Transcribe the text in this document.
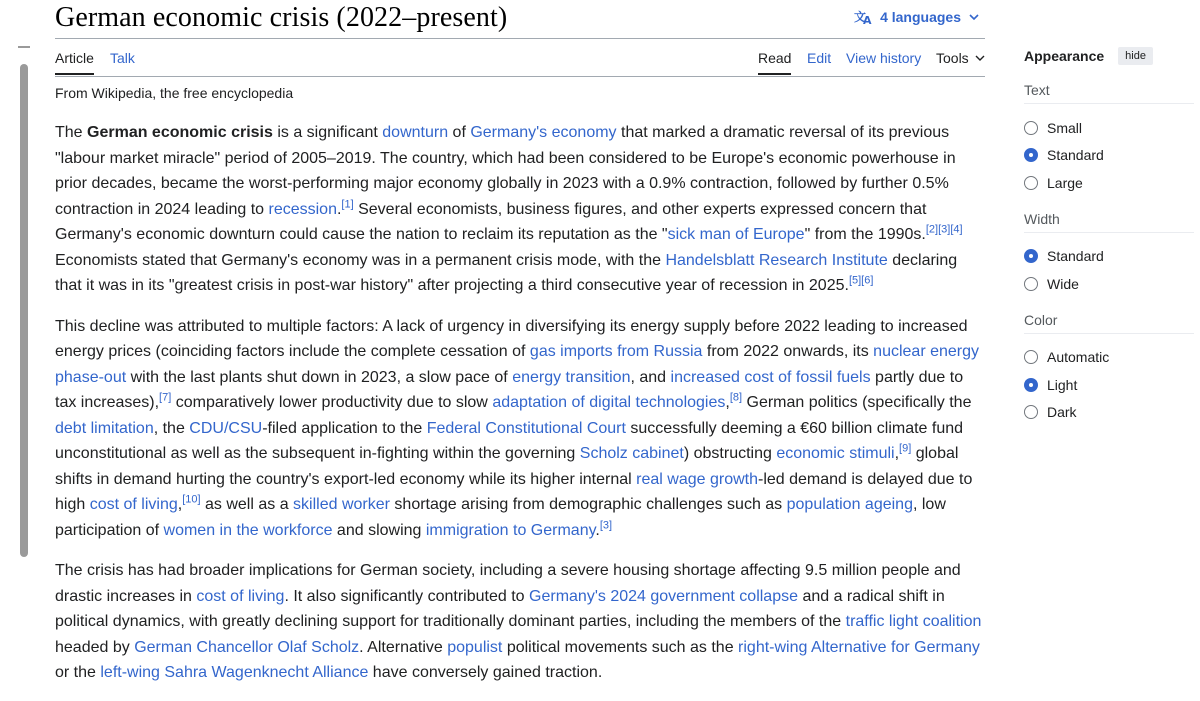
German economic crisis (2022–present)	文
A 4 languages
Article Talk	Read Edit View history Tools
From Wikipedia, the free encyclopedia

The German economic crisis is a significant downturn of Germany's economy that marked a dramatic reversal of its previous "labour market miracle" period of 2005–2019. The country, which had been considered to be Europe's economic powerhouse in prior decades, became the worst-performing major economy globally in 2023 with a 0.9% contraction, followed by further 0.5% contraction in 2024 leading to recession.[1] Several economists, business figures, and other experts expressed concern that Germany's economic downturn could cause the nation to reclaim its reputation as the "sick man of Europe" from the 1990s.[2][3][4] Economists stated that Germany's economy was in a permanent crisis mode, with the Handelsblatt Research Institute declaring that it was in its "greatest crisis in post-war history" after projecting a third consecutive year of recession in 2025.[5][6]

This decline was attributed to multiple factors: A lack of urgency in diversifying its energy supply before 2022 leading to increased energy prices (coinciding factors include the complete cessation of gas imports from Russia from 2022 onwards, its nuclear energy phase-out with the last plants shut down in 2023, a slow pace of energy transition, and increased cost of fossil fuels partly due to tax increases),[7] comparatively lower productivity due to slow adaptation of digital technologies,[8] German politics (specifically the debt limitation, the CDU/CSU-filed application to the Federal Constitutional Court successfully deeming a €60 billion climate fund unconstitutional as well as the subsequent in-fighting within the governing Scholz cabinet) obstructing economic stimuli,[9] global shifts in demand hurting the country's export-led economy while its higher internal real wage growth-led demand is delayed due to high cost of living,[10] as well as a skilled worker shortage arising from demographic challenges such as population ageing, low participation of women in the workforce and slowing immigration to Germany.[3]

The crisis has had broader implications for German society, including a severe housing shortage affecting 9.5 million people and drastic increases in cost of living. It also significantly contributed to Germany's 2024 government collapse and a radical shift in political dynamics, with greatly declining support for traditionally dominant parties, including the members of the traffic light coalition headed by German Chancellor Olaf Scholz. Alternative populist political movements such as the right-wing Alternative for Germany or the left-wing Sahra Wagenknecht Alliance have conversely gained traction.

Appearance	hide
Text
Small
Standard
Large
Width
Standard
Wide
Color
Automatic
Light
Dark
